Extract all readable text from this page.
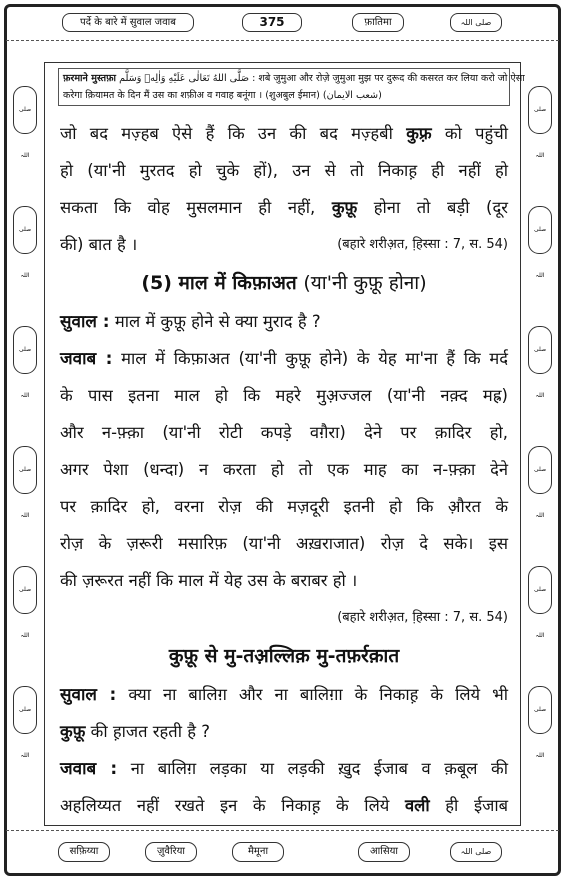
पर्दे के बारे में सुवाल जवाब	375	फ़ातिमा	صلی اللہ
صلی اللہ
صلی اللہ
صلی اللہ
صلی اللہ
صلی اللہ
صلی اللہ
صلی اللہ
صلی اللہ
صلی اللہ
صلی اللہ
صلی اللہ
صلی اللہ
फ़रमाने मुस्तफ़ा صَلَّى اللهُ تَعَالٰى عَلَيْهِ وَاٰلِهٖ وَسَلَّم : शबे जुमुआ और रोज़े जुमुआ मुझ पर दुरूद की कसरत कर लिया करो जो ऐसा
करेगा क़ियामत के दिन मैं उस का शफ़ीअ व गवाह बनूंगा । (शुअबुल ईमान) (شعب الایمان)
जो बद मज़्हब ऐसे हैं कि उन की बद मज़्हबी कुफ़्र को पहुंची
हो (या'नी मुरतद हो चुके हों), उन से तो निकाह़ ही नहीं हो
सकता कि वोह मुसलमान ही नहीं, कुफ़ू होना तो बड़ी (दूर
की) बात है ।	(बहारे शरीअ़त, हि़स्सा : 7, स. 54)
(5) माल में किफ़ाअत (या'नी कुफ़ू होना)
सुवाल : माल में कुफ़ू होने से क्या मुराद है ?
जवाब : माल में किफ़ाअत (या'नी कुफ़ू होने) के येह मा'ना हैं कि मर्द
के पास इतना माल हो कि महरे मुअ़ज्जल (या'नी नक़्द मह्र)
और न-फ़्क़ा (या'नी रोटी कपड़े वग़ैरा) देने पर क़ादिर हो,
अगर पेशा (धन्दा) न करता हो तो एक माह का न-फ़्क़ा देने
पर क़ादिर हो, वरना रोज़ की मज़दूरी इतनी हो कि औ़रत के
रोज़ के ज़रूरी मसारिफ़ (या'नी अख़राजात) रोज़ दे सके। इस
की ज़रूरत नहीं कि माल में येह उस के बराबर हो ।
(बहारे शरीअ़त, हि़स्सा : 7, स. 54)
कुफ़ू से मु-तअ़ल्लिक़ मु-तफ़र्रक़ात
सुवाल : क्या ना बालिग़ और ना बालिग़ा के निकाह़ के लिये भी
कुफ़ू की ह़ाजत रहती है ?
जवाब : ना बालिग़ लड़का या लड़की ख़ुद ईजाब व क़बूल की
अहलिय्यत नहीं रखते इन के निकाह़ के लिये वली ही ईजाब
सफ़िय्या	ज़ुवैरिया	मैमूना	आसिया	صلی اللہ
